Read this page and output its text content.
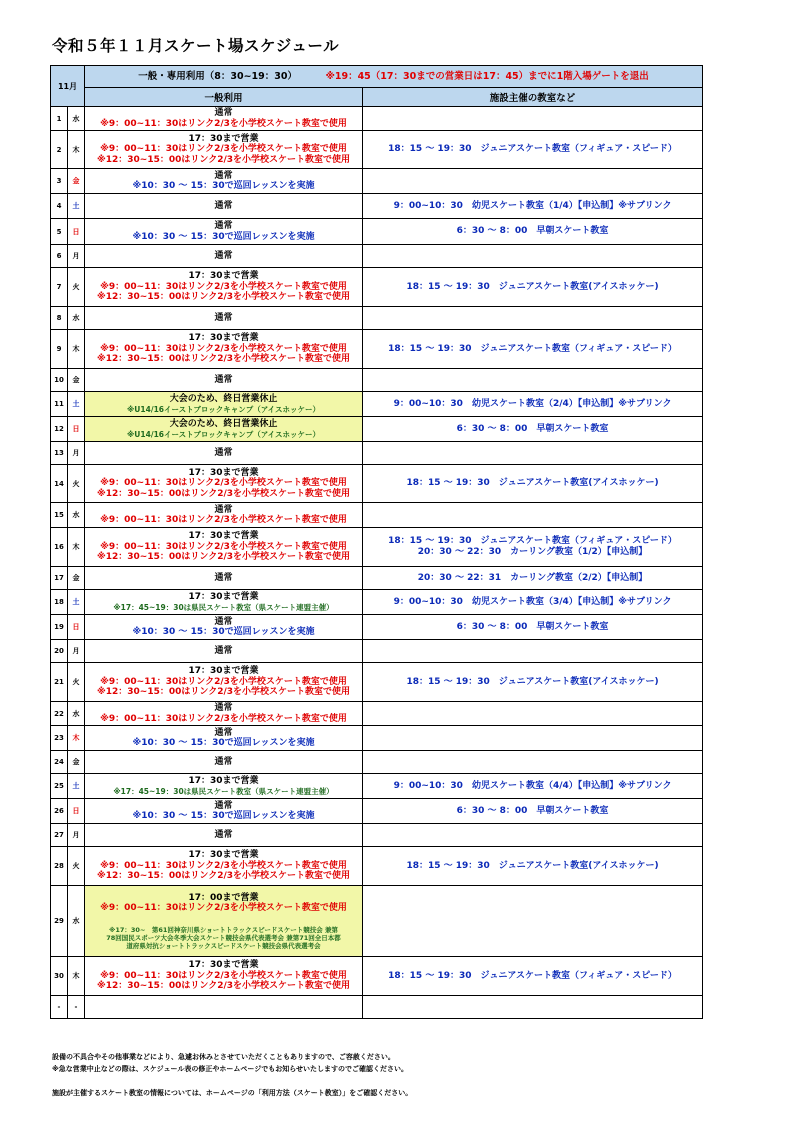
令和５年１１月スケート場スケジュール
11月		一般・専用利用（8：30~19：30） ※19：45（17：30までの営業日は17：45）までに1階入場ゲートを退出	
		一般利用	施設主催の教室など
1	水	通常
※9：00~11：30はリンク2/3を小学校スケート教室で使用	

2	木	17：30まで営業
※9：00~11：30はリンク2/3を小学校スケート教室で使用
※12：30~15：00はリンク2/3を小学校スケート教室で使用	18：15 ～ 19：30　ジュニアスケート教室（フィギュア・スピード）

3	金	通常
※10：30 ～ 15：30で巡回レッスンを実施	

4	土	通常	9：00~10：30　幼児スケート教室（1/4）【申込制】※サブリンク

5	日	通常
※10：30 ～ 15：30で巡回レッスンを実施	6：30 ～ 8：00　早朝スケート教室

6	月	通常	

7	火	17：30まで営業
※9：00~11：30はリンク2/3を小学校スケート教室で使用
※12：30~15：00はリンク2/3を小学校スケート教室で使用	18：15 ～ 19：30　ジュニアスケート教室(アイスホッケー)

8	水	通常	

9	木	17：30まで営業
※9：00~11：30はリンク2/3を小学校スケート教室で使用
※12：30~15：00はリンク2/3を小学校スケート教室で使用	18：15 ～ 19：30　ジュニアスケート教室（フィギュア・スピード）

10	金	通常	

11	土	大会のため、終日営業休止
※U14/16イーストブロックキャンプ（アイスホッケー）	9：00~10：30　幼児スケート教室（2/4）【申込制】※サブリンク

12	日	大会のため、終日営業休止
※U14/16イーストブロックキャンプ（アイスホッケー）	6：30 ～ 8：00　早朝スケート教室

13	月	通常	

14	火	17：30まで営業
※9：00~11：30はリンク2/3を小学校スケート教室で使用
※12：30~15：00はリンク2/3を小学校スケート教室で使用	18：15 ～ 19：30　ジュニアスケート教室(アイスホッケー)

15	水	通常
※9：00~11：30はリンク2/3を小学校スケート教室で使用	

16	木	17：30まで営業
※9：00~11：30はリンク2/3を小学校スケート教室で使用
※12：30~15：00はリンク2/3を小学校スケート教室で使用	18：15 ～ 19：30　ジュニアスケート教室（フィギュア・スピード）
20：30 ～ 22：30　カーリング教室（1/2）【申込制】

17	金	通常	20：30 ～ 22：31　カーリング教室（2/2）【申込制】

18	土	17：30まで営業
※17：45~19：30は県民スケート教室（県スケート連盟主催）	9：00~10：30　幼児スケート教室（3/4）【申込制】※サブリンク

19	日	通常
※10：30 ～ 15：30で巡回レッスンを実施	6：30 ～ 8：00　早朝スケート教室

20	月	通常	

21	火	17：30まで営業
※9：00~11：30はリンク2/3を小学校スケート教室で使用
※12：30~15：00はリンク2/3を小学校スケート教室で使用	18：15 ～ 19：30　ジュニアスケート教室(アイスホッケー)

22	水	通常
※9：00~11：30はリンク2/3を小学校スケート教室で使用	

23	木	通常
※10：30 ～ 15：30で巡回レッスンを実施	

24	金	通常	

25	土	17：30まで営業
※17：45~19：30は県民スケート教室（県スケート連盟主催）	9：00~10：30　幼児スケート教室（4/4）【申込制】※サブリンク

26	日	通常
※10：30 ～ 15：30で巡回レッスンを実施	6：30 ～ 8：00　早朝スケート教室

27	月	通常	

28	火	17：30まで営業
※9：00~11：30はリンク2/3を小学校スケート教室で使用
※12：30~15：00はリンク2/3を小学校スケート教室で使用	18：15 ～ 19：30　ジュニアスケート教室(アイスホッケー)

29	水	17：00まで営業
※9：00~11：30はリンク2/3を小学校スケート教室で使用
※17：30~　第61回神奈川県ショートトラックスピードスケート競技会 兼第
78回国民スポーツ大会冬季大会スケート競技会県代表選考会 兼第71回全日本都
道府県対抗ショートトラックスピードスケート競技会県代表選考会	

30	木	17：30まで営業
※9：00~11：30はリンク2/3を小学校スケート教室で使用
※12：30~15：00はリンク2/3を小学校スケート教室で使用	18：15 ～ 19：30　ジュニアスケート教室（フィギュア・スピード）

-	-		
設備の不具合やその他事業などにより、急遽お休みとさせていただくこともありますので、ご容赦ください。
※急な営業中止などの際は、スケジュール表の修正やホームページでもお知らせいたしますのでご確認ください。
施設が主催するスケート教室の情報については、ホームページの「利用方法（スケート教室）」をご確認ください。
